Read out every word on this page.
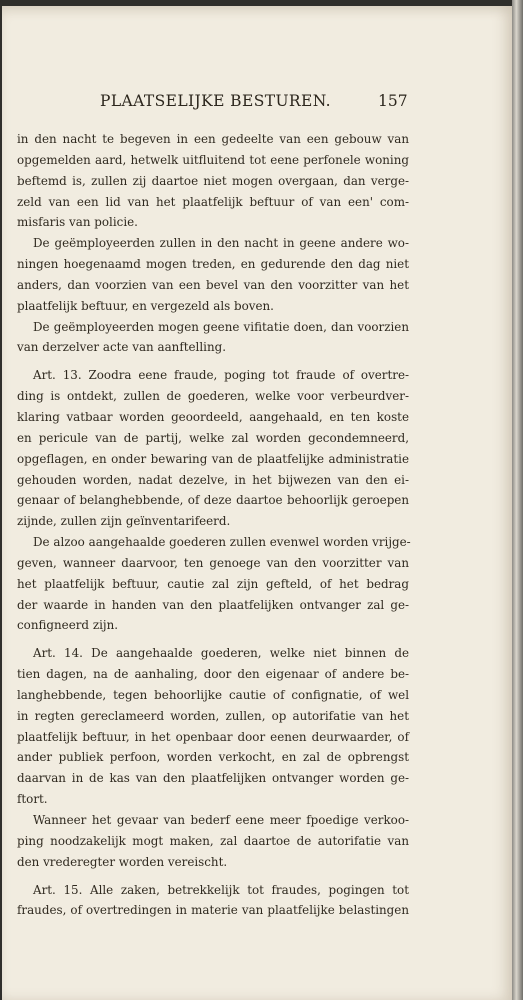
PLAATSELIJKE BESTUREN.	157
in den nacht te begeven in een gedeelte van een gebouw van
opgemelden aard, hetwelk uitfluitend tot eene perfonele woning
beftemd is, zullen zij daartoe niet mogen overgaan, dan verge-
zeld van een lid van het plaatfelijk beftuur of van een' com-
misfaris van policie.
De geëmployeerden zullen in den nacht in geene andere wo-
ningen hoegenaamd mogen treden, en gedurende den dag niet
anders, dan voorzien van een bevel van den voorzitter van het
plaatfelijk beftuur, en vergezeld als boven.
De geëmployeerden mogen geene vifitatie doen, dan voorzien
van derzelver acte van aanftelling.
Art. 13. Zoodra eene fraude, poging tot fraude of overtre-
ding is ontdekt, zullen de goederen, welke voor verbeurdver-
klaring vatbaar worden geoordeeld, aangehaald, en ten koste
en pericule van de partij, welke zal worden gecondemneerd,
opgeflagen, en onder bewaring van de plaatfelijke administratie
gehouden worden, nadat dezelve, in het bijwezen van den ei-
genaar of belanghebbende, of deze daartoe behoorlijk geroepen
zijnde, zullen zijn geïnventarifeerd.
De alzoo aangehaalde goederen zullen evenwel worden vrijge-
geven, wanneer daarvoor, ten genoege van den voorzitter van
het plaatfelijk beftuur, cautie zal zijn gefteld, of het bedrag
der waarde in handen van den plaatfelijken ontvanger zal ge-
configneerd zijn.
Art. 14. De aangehaalde goederen, welke niet binnen de
tien dagen, na de aanhaling, door den eigenaar of andere be-
langhebbende, tegen behoorlijke cautie of confignatie, of wel
in regten gereclameerd worden, zullen, op autorifatie van het
plaatfelijk beftuur, in het openbaar door eenen deurwaarder, of
ander publiek perfoon, worden verkocht, en zal de opbrengst
daarvan in de kas van den plaatfelijken ontvanger worden ge-
ftort.
Wanneer het gevaar van bederf eene meer fpoedige verkoo-
ping noodzakelijk mogt maken, zal daartoe de autorifatie van
den vrederegter worden vereischt.
Art. 15. Alle zaken, betrekkelijk tot fraudes, pogingen tot
fraudes, of overtredingen in materie van plaatfelijke belastingen
